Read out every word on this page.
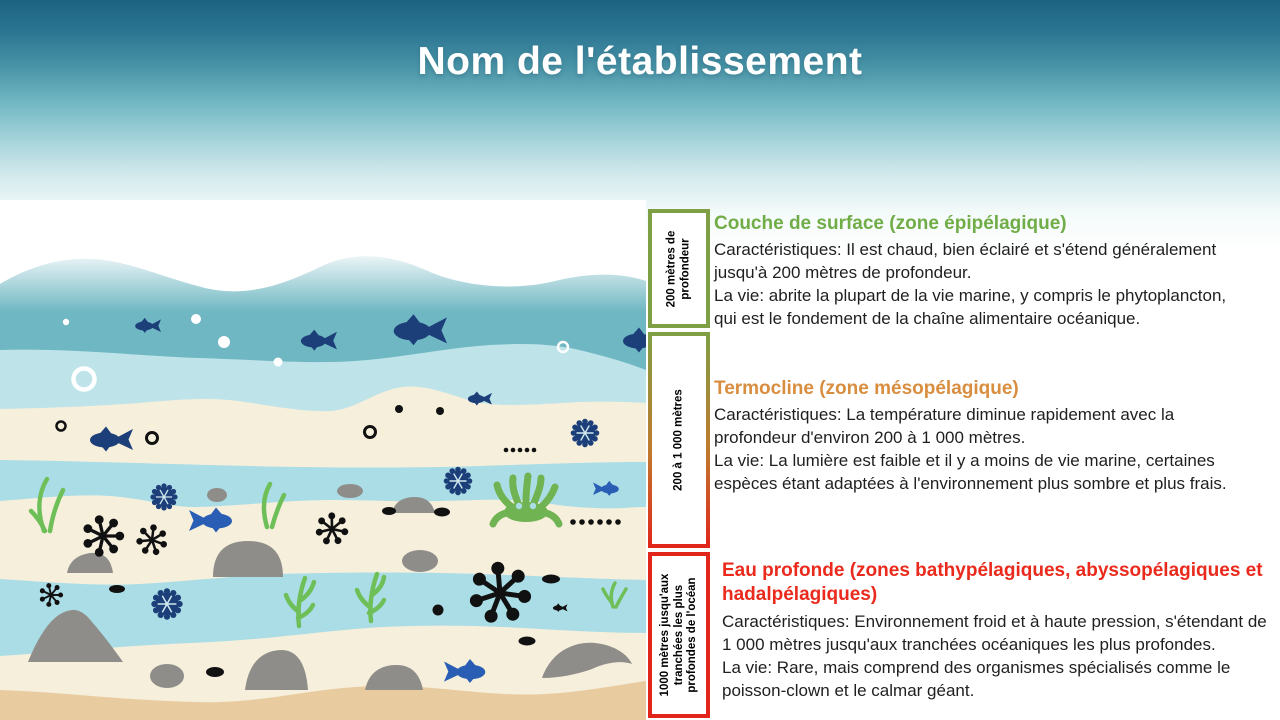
Nom de l'établissement
200 mètres de profondeur
200 à 1 000 mètres
1000 mètres jusqu'aux tranchées les plus profondes de l'océan
Couche de surface (zone épipélagique)
Caractéristiques: Il est chaud, bien éclairé et s'étend généralement
jusqu'à 200 mètres de profondeur.
La vie: abrite la plupart de la vie marine, y compris le phytoplancton,
qui est le fondement de la chaîne alimentaire océanique.
Termocline (zone mésopélagique)
Caractéristiques: La température diminue rapidement avec la
profondeur d'environ 200 à 1 000 mètres.
La vie: La lumière est faible et il y a moins de vie marine, certaines
espèces étant adaptées à l'environnement plus sombre et plus frais.
Eau profonde (zones bathypélagiques, abyssopélagiques et
hadalpélagiques)
Caractéristiques: Environnement froid et à haute pression, s'étendant de
1 000 mètres jusqu'aux tranchées océaniques les plus profondes.
La vie: Rare, mais comprend des organismes spécialisés comme le
poisson-clown et le calmar géant.
